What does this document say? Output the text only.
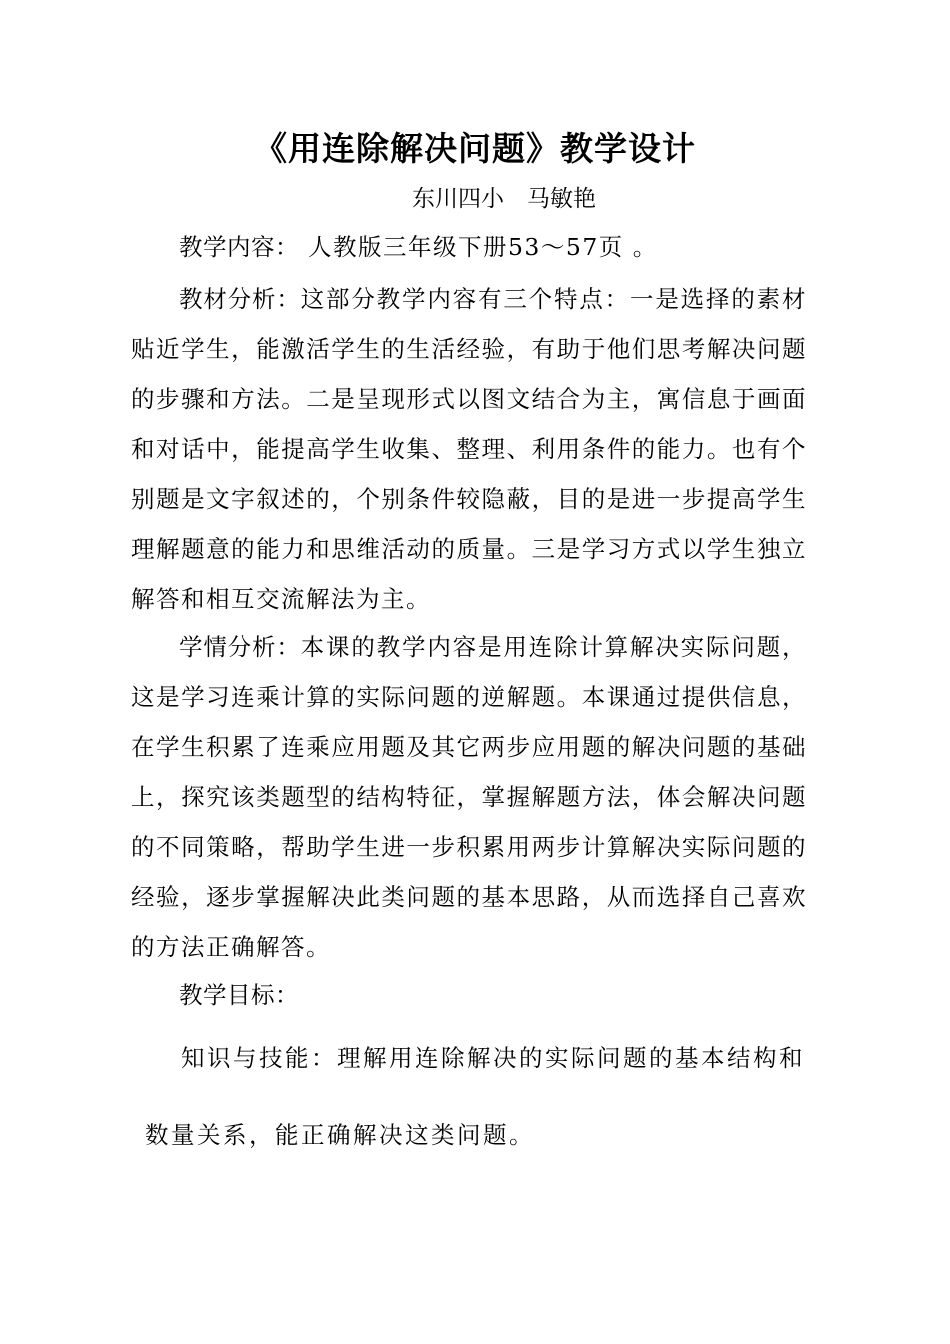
《用连除解决问题》教学设计
东川四小　马敏艳
教学内容： 人教版三年级下册53～57页 。
教材分析：这部分教学内容有三个特点：一是选择的素材贴近学生，能激活学生的生活经验，有助于他们思考解决问题的步骤和方法。二是呈现形式以图文结合为主，寓信息于画面和对话中，能提高学生收集、整理、利用条件的能力。也有个别题是文字叙述的，个别条件较隐蔽，目的是进一步提高学生理解题意的能力和思维活动的质量。三是学习方式以学生独立解答和相互交流解法为主。
学情分析：本课的教学内容是用连除计算解决实际问题，这是学习连乘计算的实际问题的逆解题。本课通过提供信息，在学生积累了连乘应用题及其它两步应用题的解决问题的基础上，探究该类题型的结构特征，掌握解题方法，体会解决问题的不同策略，帮助学生进一步积累用两步计算解决实际问题的经验，逐步掌握解决此类问题的基本思路，从而选择自己喜欢的方法正确解答。
教学目标：
知识与技能：理解用连除解决的实际问题的基本结构和
数量关系，能正确解决这类问题。
